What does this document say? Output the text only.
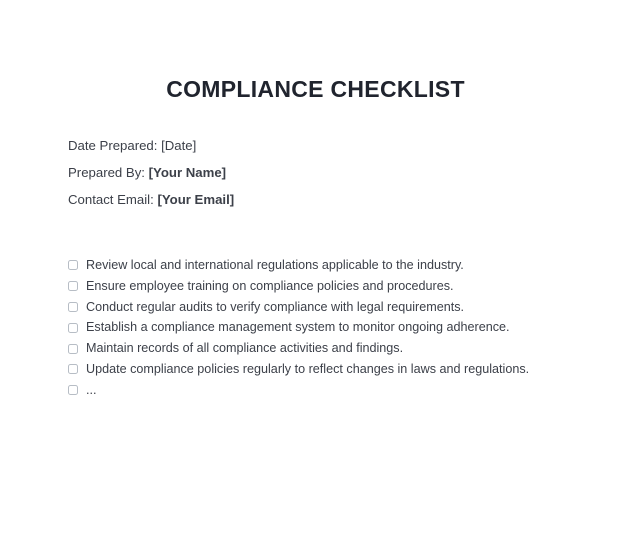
COMPLIANCE CHECKLIST

Date Prepared: [Date]

Prepared By: [Your Name]

Contact Email: [Your Email]

Review local and international regulations applicable to the industry.
Ensure employee training on compliance policies and procedures.
Conduct regular audits to verify compliance with legal requirements.
Establish a compliance management system to monitor ongoing adherence.
Maintain records of all compliance activities and findings.
Update compliance policies regularly to reflect changes in laws and regulations.
...
